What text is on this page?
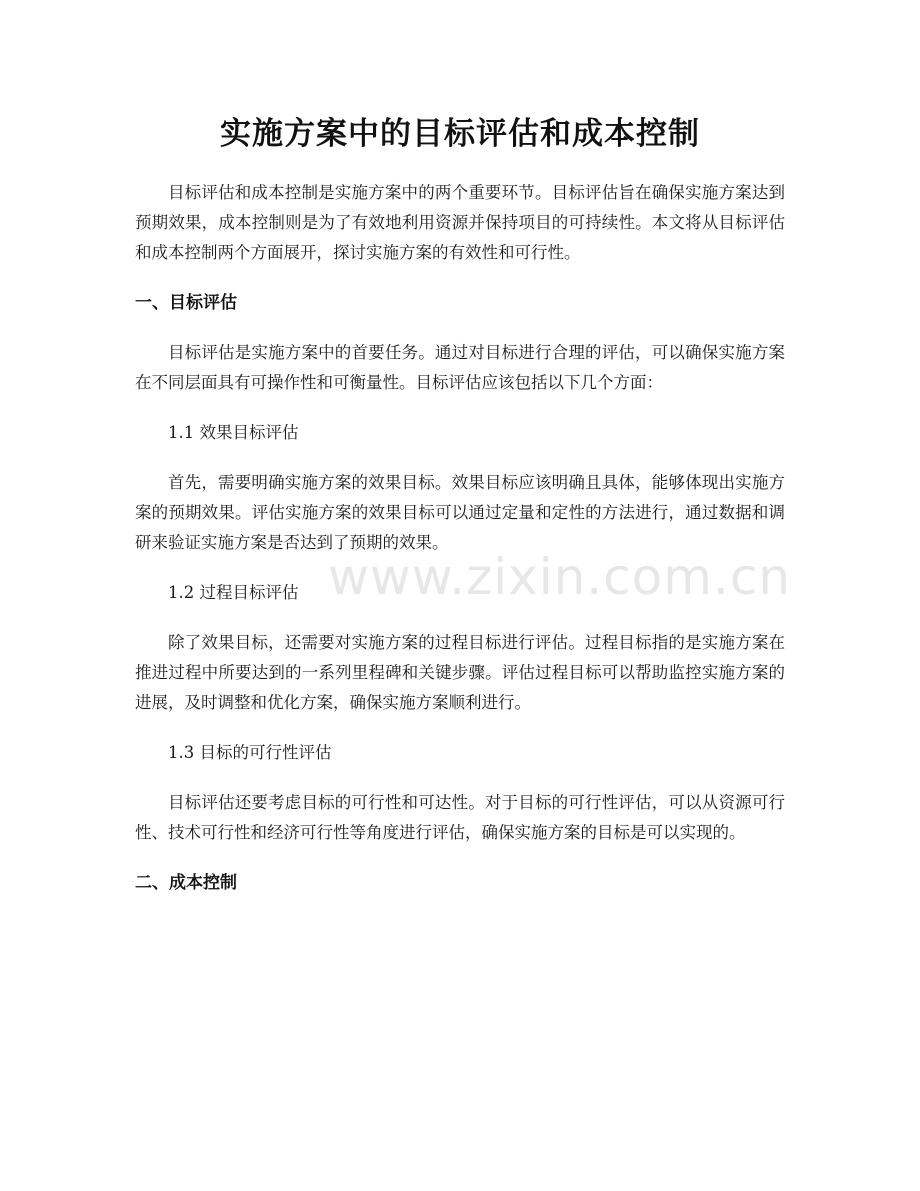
实施方案中的目标评估和成本控制

目标评估和成本控制是实施方案中的两个重要环节。目标评估旨在确保实施方案达到预期效果，成本控制则是为了有效地利用资源并保持项目的可持续性。本文将从目标评估和成本控制两个方面展开，探讨实施方案的有效性和可行性。

一、目标评估

目标评估是实施方案中的首要任务。通过对目标进行合理的评估，可以确保实施方案在不同层面具有可操作性和可衡量性。目标评估应该包括以下几个方面：

1.1 效果目标评估

首先，需要明确实施方案的效果目标。效果目标应该明确且具体，能够体现出实施方案的预期效果。评估实施方案的效果目标可以通过定量和定性的方法进行，通过数据和调研来验证实施方案是否达到了预期的效果。

1.2 过程目标评估

除了效果目标，还需要对实施方案的过程目标进行评估。过程目标指的是实施方案在推进过程中所要达到的一系列里程碑和关键步骤。评估过程目标可以帮助监控实施方案的进展，及时调整和优化方案，确保实施方案顺利进行。

1.3 目标的可行性评估

目标评估还要考虑目标的可行性和可达性。对于目标的可行性评估，可以从资源可行性、技术可行性和经济可行性等角度进行评估，确保实施方案的目标是可以实现的。

二、成本控制
www.zixin.com.cn
